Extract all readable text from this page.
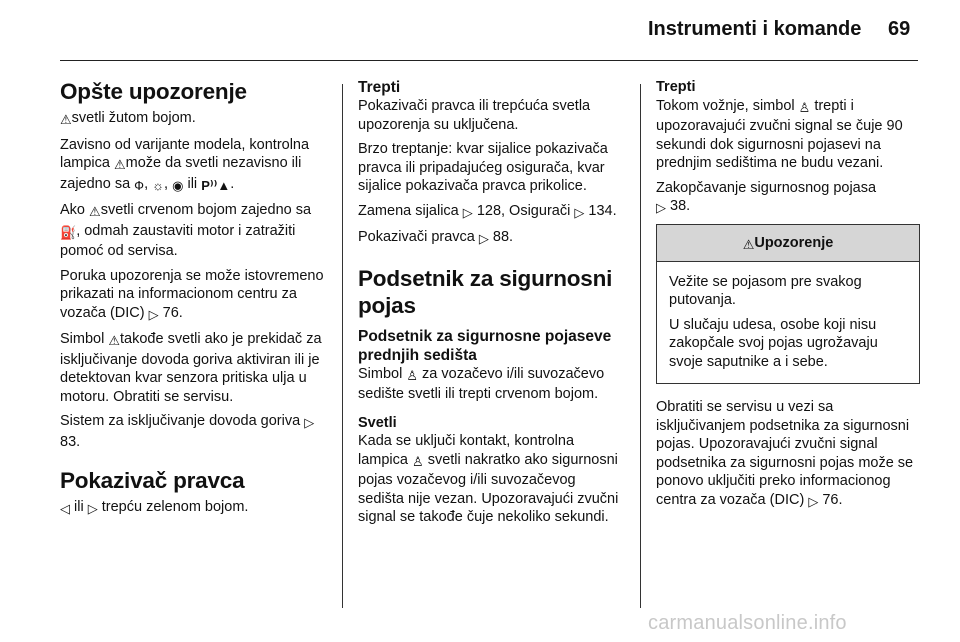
Instrumenti i komande 69
Opšte upozorenje

⚠svetli žutom bojom.

Zavisno od varijante modela, kontrolna lampica ⚠može da svetli nezavisno ili zajedno sa Ф, ☼, ◉ ili P⁾⁾▲.

Ako ⚠svetli crvenom bojom zajedno sa ⛽, odmah zaustaviti motor i zatražiti pomoć od servisa.

Poruka upozorenja se može istovremeno prikazati na informacionom centru za vozača (DIC) ▷ 76.

Simbol ⚠takođe svetli ako je prekidač za isključivanje dovoda goriva aktiviran ili je detektovan kvar senzora pritiska ulja u motoru. Obratiti se servisu.

Sistem za isključivanje dovoda goriva ▷ 83.

Pokazivač pravca

◁ ili ▷ trepću zelenom bojom.

Trepti

Pokazivači pravca ili trepćuća svetla upozorenja su uključena.

Brzo treptanje: kvar sijalice pokazivača pravca ili pripadajućeg osigurača, kvar sijalice pokazivača pravca prikolice.

Zamena sijalica ▷ 128, Osigurači ▷ 134.

Pokazivači pravca ▷ 88.

Podsetnik za sigurnosni pojas
Podsetnik za sigurnosne pojaseve prednjih sedišta

Simbol ♙ za vozačevo i/ili suvozačevo sedište svetli ili trepti crvenom bojom.

Svetli

Kada se uključi kontakt, kontrolna lampica ♙ svetli nakratko ako sigurnosni pojas vozačevog i/ili suvozačevog sedišta nije vezan. Upozoravajući zvučni signal se takođe čuje nekoliko sekundi.

Trepti

Tokom vožnje, simbol ♙ trepti i upozoravajući zvučni signal se čuje 90 sekundi dok sigurnosni pojasevi na prednjim sedištima ne budu vezani.

Zakopčavanje sigurnosnog pojasa
▷ 38.

⚠Upozorenje

Vežite se pojasom pre svakog putovanja.

U slučaju udesa, osobe koji nisu zakopčale svoj pojas ugrožavaju svoje saputnike a i sebe.

Obratiti se servisu u vezi sa isključivanjem podsetnika za sigurnosni pojas. Upozoravajući zvučni signal podsetnika za sigurnosni pojas može se ponovo uključiti preko informacionog centra za vozača (DIC) ▷ 76.

carmanualsonline.info
